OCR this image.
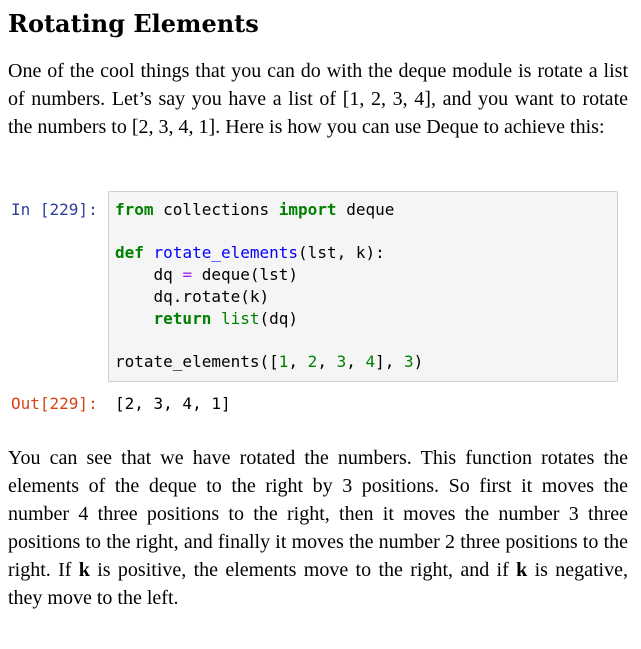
Rotating Elements

One of the cool things that you can do with the deque module is rotate a list of numbers. Let’s say you have a list of [1, 2, 3, 4], and you want to rotate the numbers to [2, 3, 4, 1]. Here is how you can use Deque to achieve this:

In [229]:	from collections import deque

def rotate_elements(lst, k):
dq = deque(lst)
dq.rotate(k)
return list(dq)

rotate_elements([1, 2, 3, 4], 3)
Out[229]:	[2, 3, 4, 1]

You can see that we have rotated the numbers. This function rotates the elements of the deque to the right by 3 positions. So first it moves the number 4 three positions to the right, then it moves the number 3 three positions to the right, and finally it moves the number 2 three positions to the right. If k is positive, the elements move to the right, and if k is negative, they move to the left.
